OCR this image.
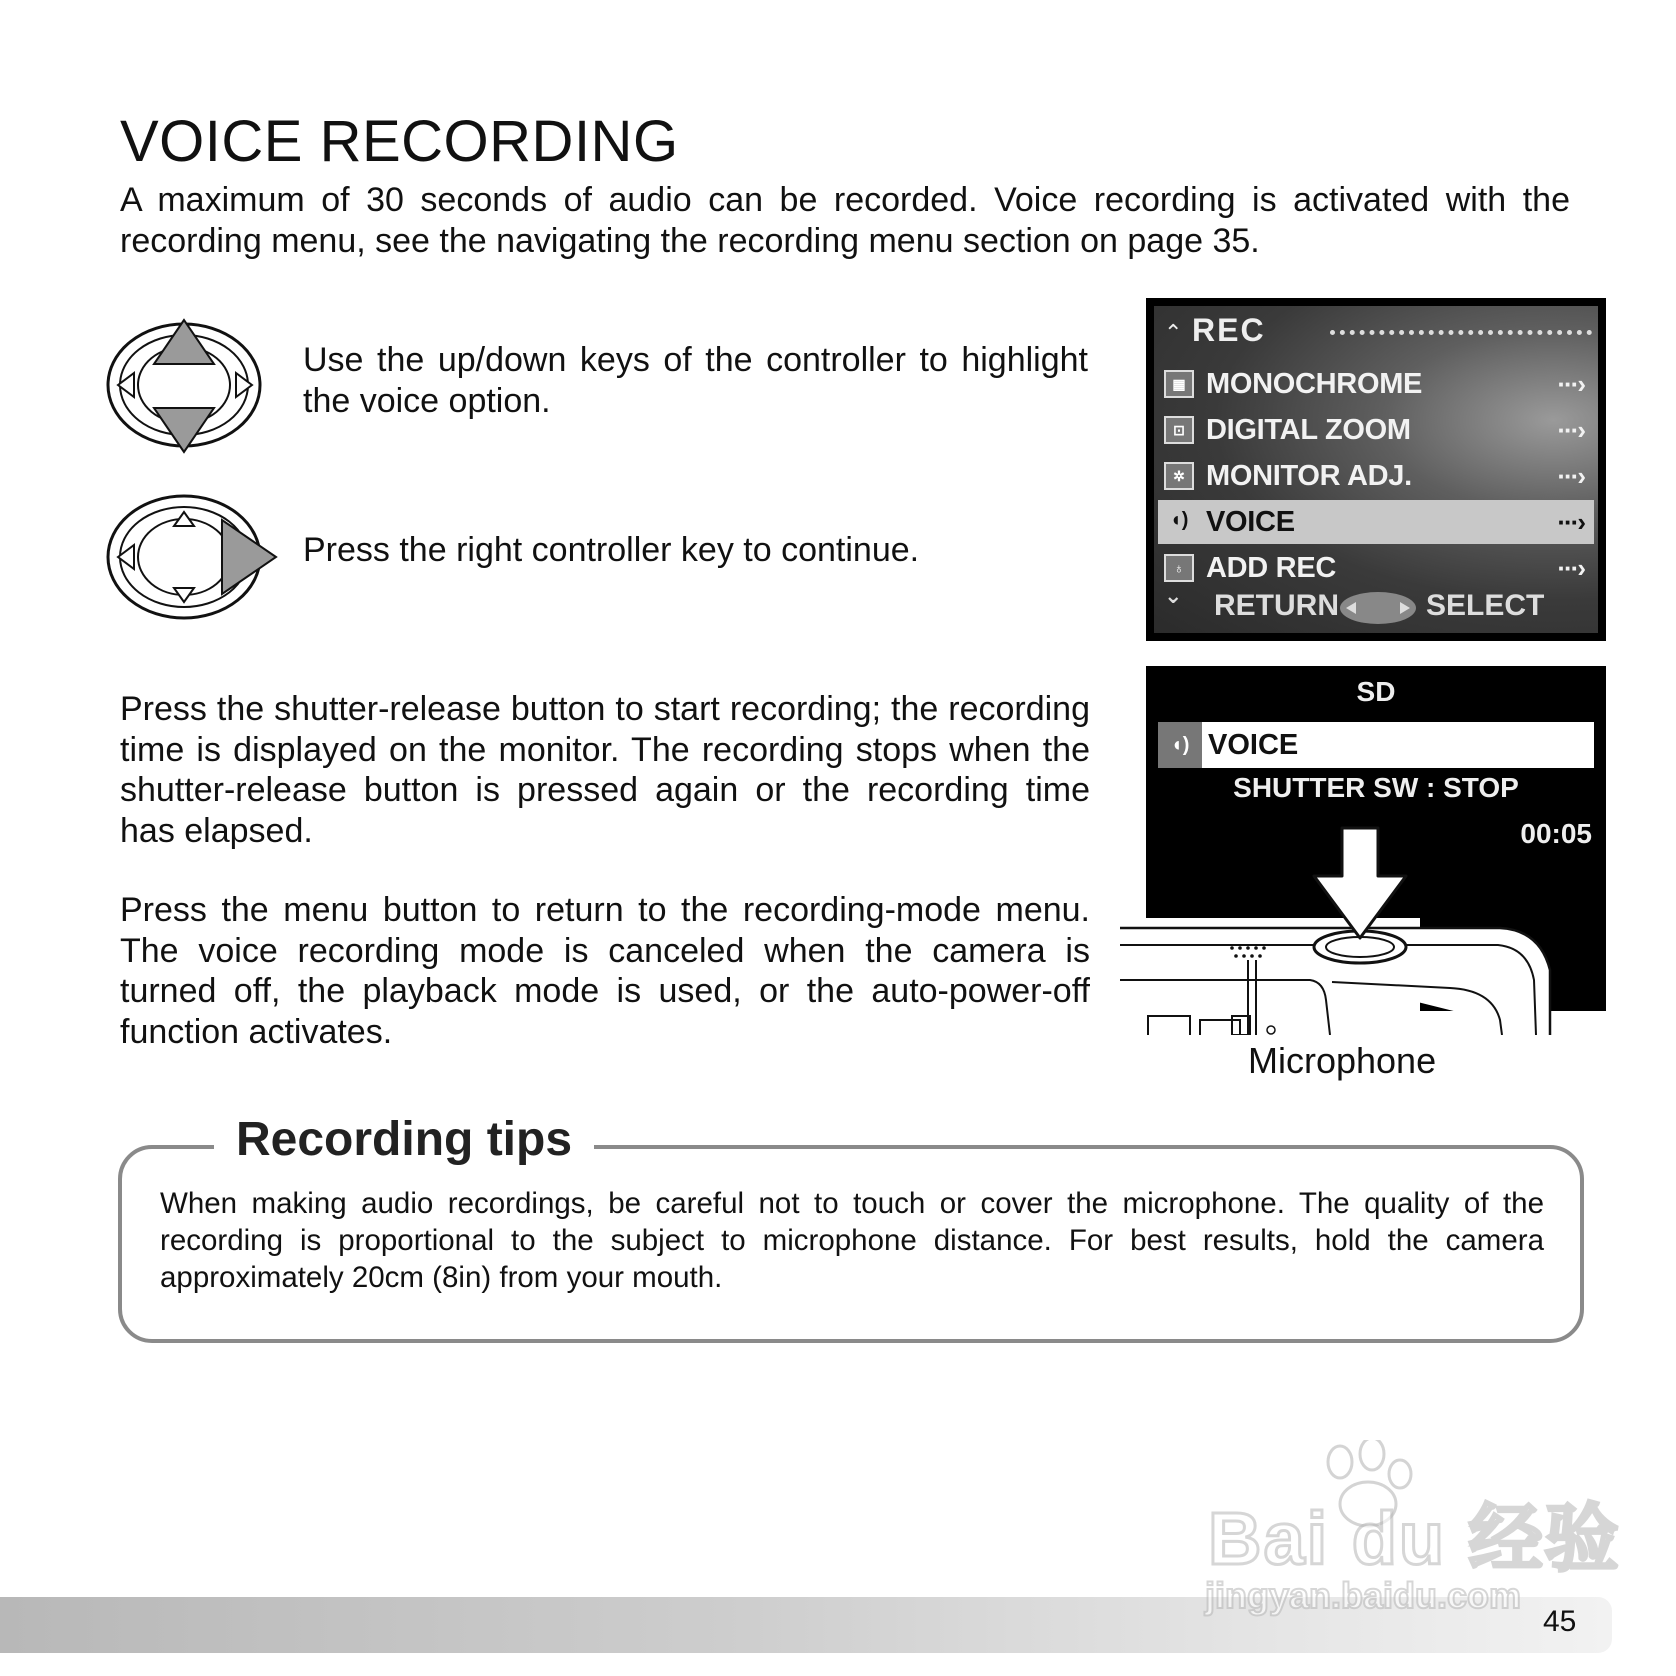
VOICE RECORDING

A maximum of 30 seconds of audio can be recorded. Voice recording is activated with the recording menu, see the navigating the recording menu section on page 35.

Use the up/down keys of the controller to highlight the voice option.

Press the right controller key to continue.

Press the shutter-release button to start recording; the recording time is displayed on the monitor. The recording stops when the shutter-release button is pressed again or the recording time has elapsed.

Press the menu button to return to the recording-mode menu. The voice recording mode is canceled when the camera is turned off, the playback mode is used, or the auto-power-off function activates.

⌃ REC
▦ MONOCHROME	···›
⊡ DIGITAL ZOOM	···›
✲ MONITOR ADJ.	···›
◖) VOICE	···›
♁ ADD REC	···›
⌄ RETURN	SELECT
SD
◖) VOICE
SHUTTER SW : STOP
00:05
Microphone
Recording tips

When making audio recordings, be careful not to touch or cover the microphone. The quality of the recording is proportional to the subject to microphone distance. For best results, hold the camera approximately 20cm (8in) from your mouth.

Bai du 经验
jingyan.baidu.com
45
